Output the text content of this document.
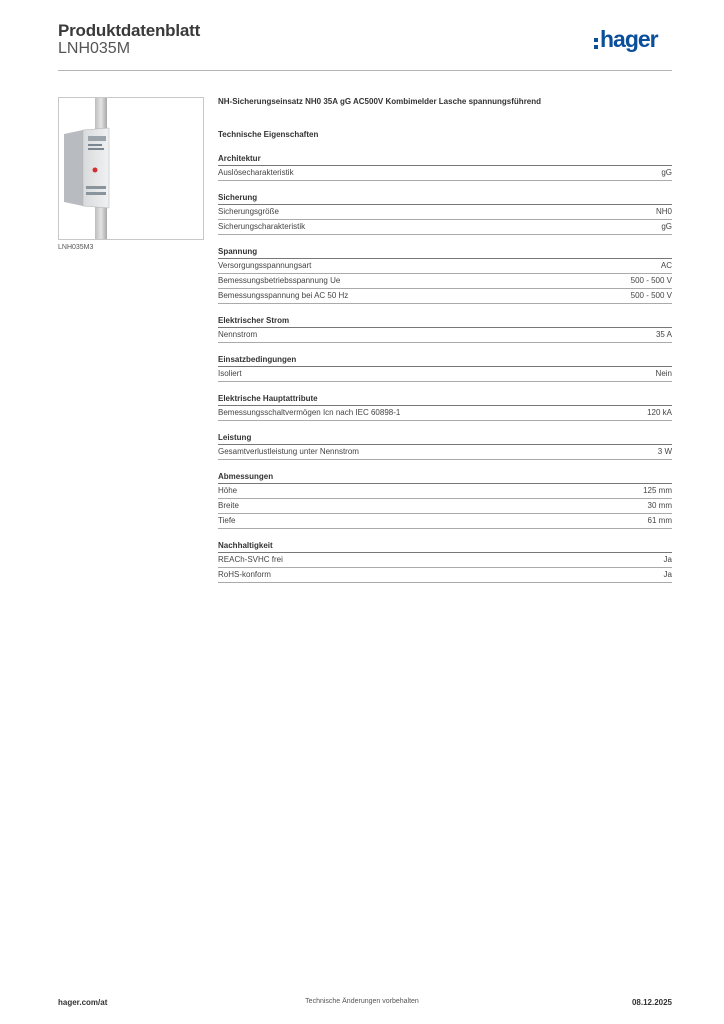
Produktdatenblatt
LNH035M	hager
LNH035M3
NH-Sicherungseinsatz NH0 35A gG AC500V Kombimelder Lasche spannungsführend
Technische Eigenschaften
Architektur
Auslösecharakteristik	gG
Sicherung
Sicherungsgröße	NH0
Sicherungscharakteristik	gG
Spannung
Versorgungsspannungsart	AC
Bemessungsbetriebsspannung Ue	500 - 500 V
Bemessungsspannung bei AC 50 Hz	500 - 500 V
Elektrischer Strom
Nennstrom	35 A
Einsatzbedingungen
Isoliert	Nein
Elektrische Hauptattribute
Bemessungsschaltvermögen Icn nach IEC 60898-1	120 kA
Leistung
Gesamtverlustleistung unter Nennstrom	3 W
Abmessungen
Höhe	125 mm
Breite	30 mm
Tiefe	61 mm
Nachhaltigkeit
REACh-SVHC frei	Ja
RoHS-konform	Ja
hager.com/at	Technische Änderungen vorbehalten	08.12.2025
